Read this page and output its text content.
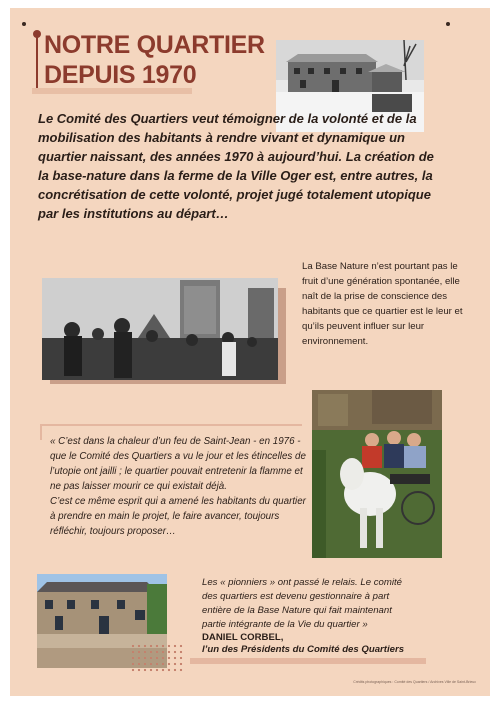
NOTRE QUARTIER
DEPUIS 1970

Le Comité des Quartiers veut témoigner de la volonté et de la mobilisation des habitants à rendre vivant et dynamique un quartier naissant, des années 1970 à aujourd’hui. La création de la base-nature dans la ferme de la Ville Oger est, entre autres, la concrétisation de cette volonté, projet jugé totalement utopique par les institutions au départ…

La Base Nature n’est pourtant pas le fruit d’une génération spontanée, elle naît de la prise de conscience des habitants que ce quartier est le leur et qu’ils peuvent influer sur leur environnement.

« C’est dans la chaleur d’un feu de Saint-Jean - en 1976 - que le Comité des Quartiers a vu le jour et les étincelles de l’utopie ont jailli ; le quartier pouvait entretenir la flamme et ne pas laisser mourir ce qui existait déjà.
C’est ce même esprit qui a amené les habitants du quartier à prendre en main le projet, le faire avancer, toujours réfléchir, toujours proposer…

Les « pionniers » ont passé le relais. Le comité des quartiers est devenu gestionnaire à part entière de la Base Nature qui fait maintenant partie intégrante de la Vie du quartier »

DANIEL CORBEL,
l’un des Présidents du Comité des Quartiers
Crédits photographiques : Comité des Quartiers / Archives Ville de Saint-Brieuc
